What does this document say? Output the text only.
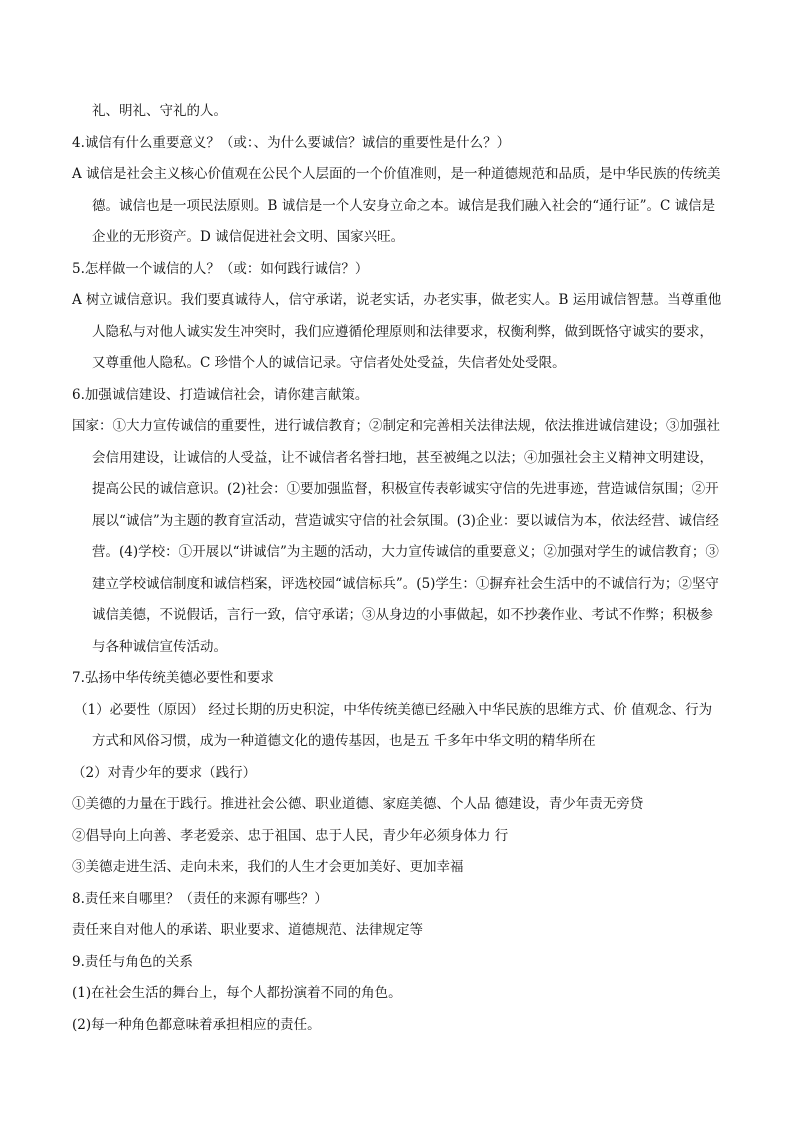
礼、明礼、守礼的人。

4.诚信有什么重要意义？（或：、为什么要诚信？诚信的重要性是什么？）

A 诚信是社会主义核心价值观在公民个人层面的一个价值准则，是一种道德规范和品质，是中华民族的传统美德。诚信也是一项民法原则。B 诚信是一个人安身立命之本。诚信是我们融入社会的“通行证”。C 诚信是企业的无形资产。D 诚信促进社会文明、国家兴旺。

5.怎样做一个诚信的人？（或：如何践行诚信？）

A 树立诚信意识。我们要真诚待人，信守承诺，说老实话，办老实事，做老实人。B 运用诚信智慧。当尊重他人隐私与对他人诚实发生冲突时，我们应遵循伦理原则和法律要求，权衡利弊，做到既恪守诚实的要求，又尊重他人隐私。C 珍惜个人的诚信记录。守信者处处受益，失信者处处受限。

6.加强诚信建设、打造诚信社会，请你建言献策。

国家：①大力宣传诚信的重要性，进行诚信教育；②制定和完善相关法律法规，依法推进诚信建设；③加强社会信用建设，让诚信的人受益，让不诚信者名誉扫地，甚至被绳之以法；④加强社会主义精神文明建设，提高公民的诚信意识。(2)社会：①要加强监督，积极宣传表彰诚实守信的先进事迹，营造诚信氛围；②开展以“诚信”为主题的教育宣活动，营造诚实守信的社会氛围。(3)企业：要以诚信为本，依法经营、诚信经营。(4)学校：①开展以“讲诚信”为主题的活动，大力宣传诚信的重要意义；②加强对学生的诚信教育；③建立学校诚信制度和诚信档案，评选校园“诚信标兵”。(5)学生：①摒弃社会生活中的不诚信行为；②坚守诚信美德，不说假话，言行一致，信守承诺；③从身边的小事做起，如不抄袭作业、考试不作弊；积极参与各种诚信宣传活动。

7.弘扬中华传统美德必要性和要求

（1）必要性（原因） 经过长期的历史积淀，中华传统美德已经融入中华民族的思维方式、价 值观念、行为方式和风俗习惯，成为一种道德文化的遗传基因，也是五 千多年中华文明的精华所在

（2）对青少年的要求（践行）

①美德的力量在于践行。推进社会公德、职业道德、家庭美德、个人品 德建设，青少年责无旁贷

②倡导向上向善、孝老爱亲、忠于祖国、忠于人民，青少年必须身体力 行

③美德走进生活、走向未来，我们的人生才会更加美好、更加幸福

8.责任来自哪里？（责任的来源有哪些？）

责任来自对他人的承诺、职业要求、道德规范、法律规定等

9.责任与角色的关系

(1)在社会生活的舞台上，每个人都扮演着不同的角色。

(2)每一种角色都意味着承担相应的责任。
